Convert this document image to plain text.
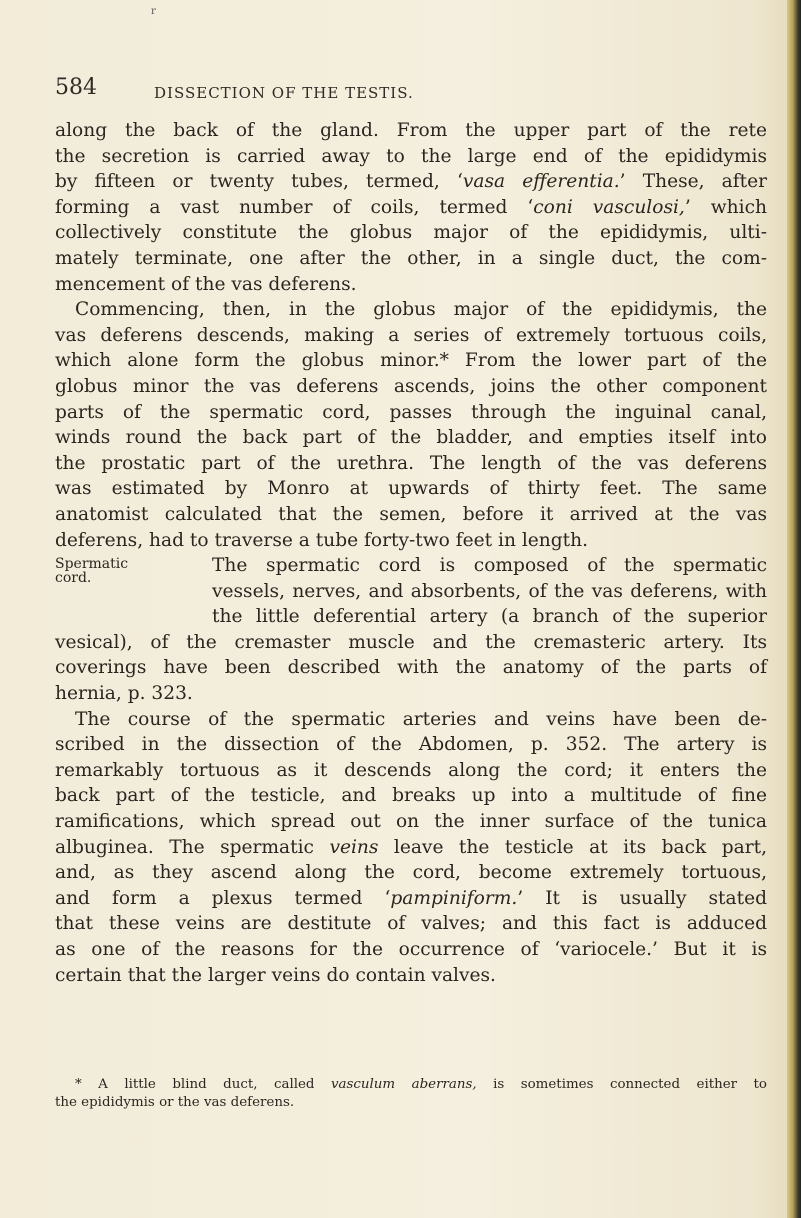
r
584	DISSECTION OF THE TESTIS.
along the back of the gland. From the upper part of the rete
the secretion is carried away to the large end of the epididymis
by fifteen or twenty tubes, termed, ‘vasa efferentia.’ These, after
forming a vast number of coils, termed ‘coni vasculosi,’ which
collectively constitute the globus major of the epididymis, ulti-
mately terminate, one after the other, in a single duct, the com-
mencement of the vas deferens.
Commencing, then, in the globus major of the epididymis, the
vas deferens descends, making a series of extremely tortuous coils,
which alone form the globus minor.* From the lower part of the
globus minor the vas deferens ascends, joins the other component
parts of the spermatic cord, passes through the inguinal canal,
winds round the back part of the bladder, and empties itself into
the prostatic part of the urethra. The length of the vas deferens
was estimated by Monro at upwards of thirty feet. The same
anatomist calculated that the semen, before it arrived at the vas
deferens, had to traverse a tube forty-two feet in length.
The spermatic cord is composed of the spermatic
vessels, nerves, and absorbents, of the vas deferens, with
the little deferential artery (a branch of the superior
vesical), of the cremaster muscle and the cremasteric artery. Its
coverings have been described with the anatomy of the parts of
hernia, p. 323.
The course of the spermatic arteries and veins have been de-
scribed in the dissection of the Abdomen, p. 352. The artery is
remarkably tortuous as it descends along the cord; it enters the
back part of the testicle, and breaks up into a multitude of fine
ramifications, which spread out on the inner surface of the tunica
albuginea. The spermatic veins leave the testicle at its back part,
and, as they ascend along the cord, become extremely tortuous,
and form a plexus termed ‘pampiniform.’ It is usually stated
that these veins are destitute of valves; and this fact is adduced
as one of the reasons for the occurrence of ‘variocele.’ But it is
certain that the larger veins do contain valves.
Spermatic
cord.
* A little blind duct, called vasculum aberrans, is sometimes connected either to
the epididymis or the vas deferens.
